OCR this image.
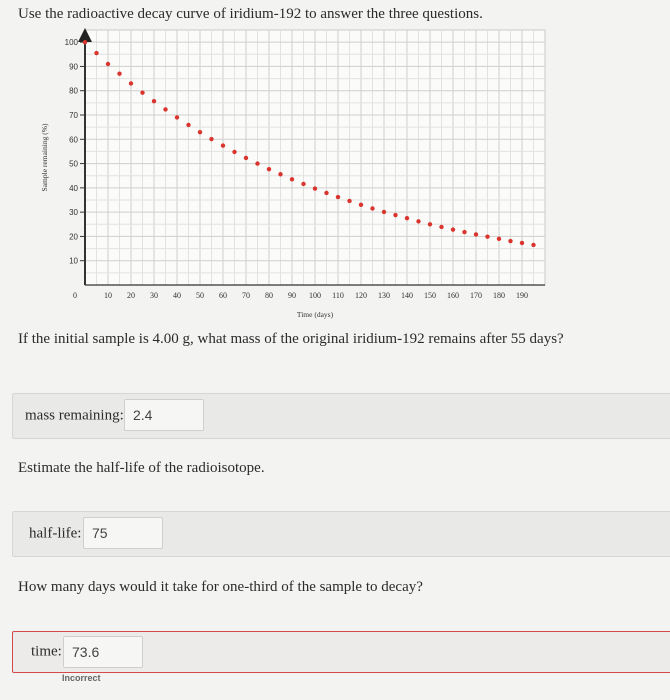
Use the radioactive decay curve of iridium-192 to answer the three questions.
10
20
30
40
50
60
70
80
90
100
0	10 20 30 40 50 60 70 80 90 100 110 120 130 140 150 160 170 180 190
Time (days)
Sample remaining (%)
If the initial sample is 4.00 g, what mass of the original iridium-192 remains after 55 days?
mass remaining: 2.4
Estimate the half-life of the radioisotope.
half-life: 75
How many days would it take for one-third of the sample to decay?
time: 73.6
Incorrect
